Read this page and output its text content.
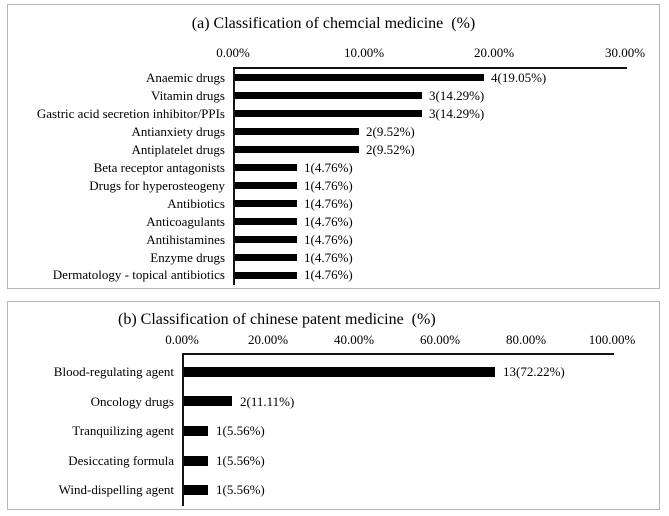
(a) Classification of chemcial medicine  (%)
0.00%	10.00%	20.00%	30.00%
Anaemic drugs	4(19.05%)
Vitamin drugs	3(14.29%)
Gastric acid secretion inhibitor/PPIs	3(14.29%)
Antianxiety drugs	2(9.52%)
Antiplatelet drugs	2(9.52%)
Beta receptor antagonists	1(4.76%)
Drugs for hyperosteogeny	1(4.76%)
Antibiotics	1(4.76%)
Anticoagulants	1(4.76%)
Antihistamines	1(4.76%)
Enzyme drugs	1(4.76%)
Dermatology - topical antibiotics	1(4.76%)
(b) Classification of chinese patent medicine  (%)
0.00%	20.00%	40.00%	60.00%	80.00%	100.00%
Blood-regulating agent	13(72.22%)
Oncology drugs	2(11.11%)
Tranquilizing agent	1(5.56%)
Desiccating formula	1(5.56%)
Wind-dispelling agent	1(5.56%)
